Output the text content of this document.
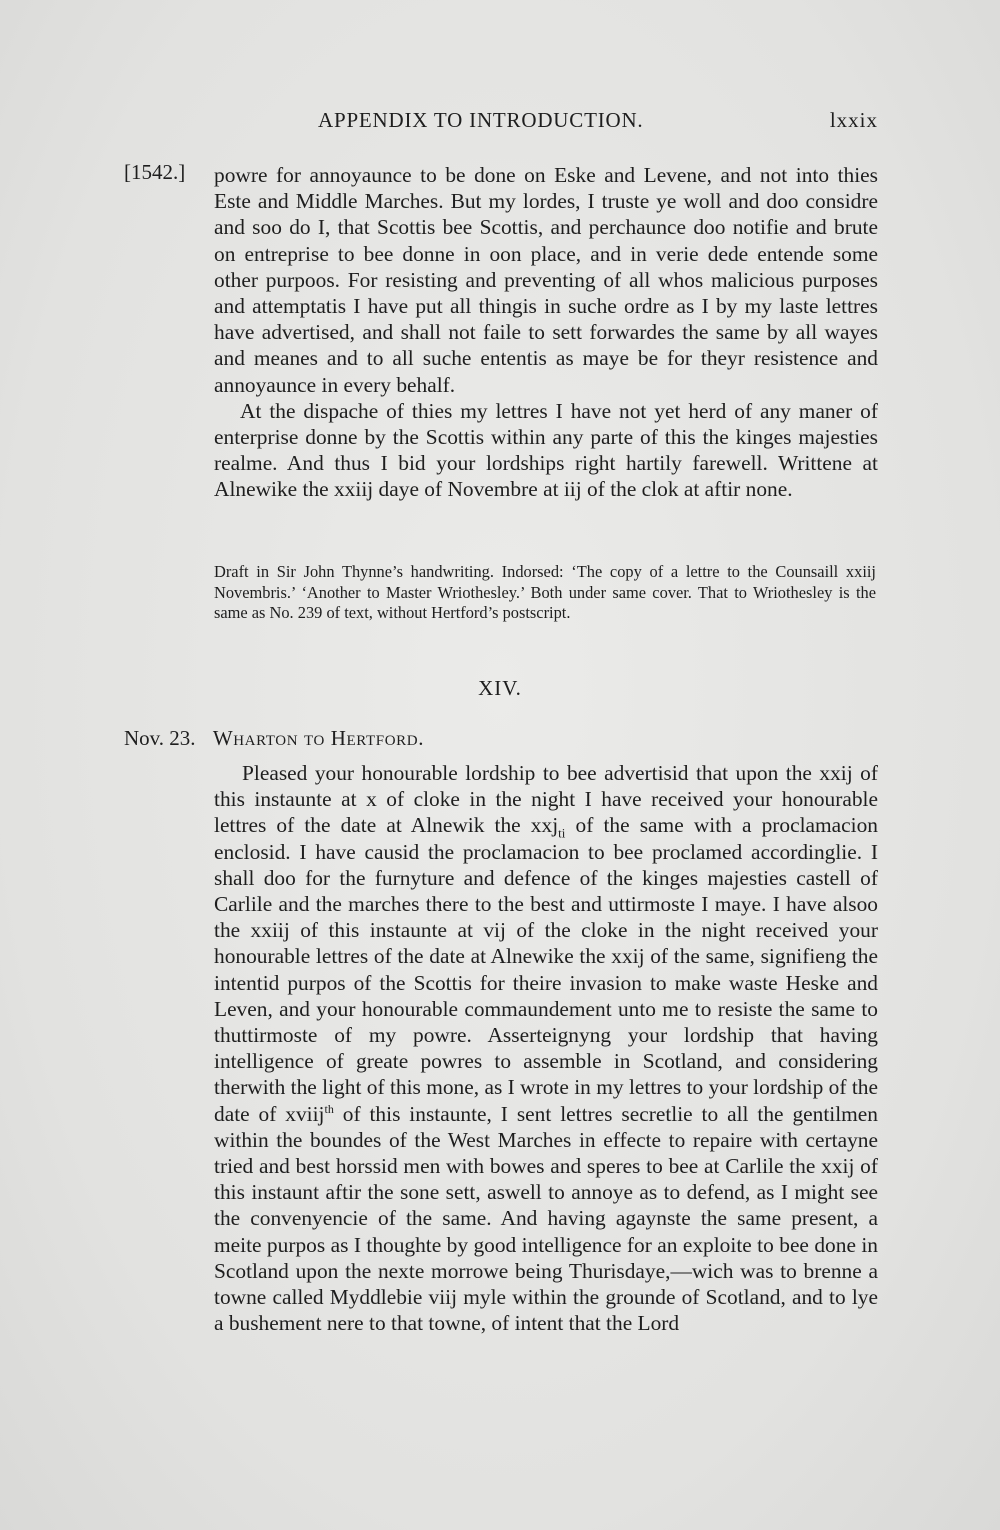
APPENDIX TO INTRODUCTION.	lxxix
[1542.] powre for annoyaunce to be done on Eske and Levene, and not into thies Este and Middle Marches. But my lordes, I truste ye woll and doo considre and soo do I, that Scottis bee Scottis, and perchaunce doo notifie and brute on entreprise to bee donne in oon place, and in verie dede entende some other purpoos. For resisting and preventing of all whos malicious purposes and attemptatis I have put all thingis in suche ordre as I by my laste lettres have advertised, and shall not faile to sett forwardes the same by all wayes and meanes and to all suche ententis as maye be for theyr resistence and annoyaunce in every behalf.

At the dispache of thies my lettres I have not yet herd of any maner of enterprise donne by the Scottis within any parte of this the kinges majesties realme. And thus I bid your lordships right hartily farewell. Writtene at Alnewike the xxiij daye of Novembre at iij of the clok at aftir none.

Draft in Sir John Thynne’s handwriting. Indorsed: ‘The copy of a lettre to the Counsaill xxiij Novembris.’ ‘Another to Master Wriothesley.’ Both under same cover. That to Wriothesley is the same as No. 239 of text, without Hertford’s postscript.

XIV.
Nov. 23. Wharton to Hertford.

Pleased your honourable lordship to bee advertisid that upon the xxij of this instaunte at x of cloke in the night I have received your honourable lettres of the date at Alnewik the xxj$_{ti}$ of the same with a proclamacion enclosid. I have causid the proclamacion to bee proclamed accordinglie. I shall doo for the furnyture and defence of the kinges majesties castell of Carlile and the marches there to the best and uttirmoste I maye. I have alsoo the xxiij of this instaunte at vij of the cloke in the night received your honourable lettres of the date at Alnewike the xxij of the same, signifieng the intentid purpos of the Scottis for theire invasion to make waste Heske and Leven, and your honourable commaundement unto me to resiste the same to thuttirmoste of my powre. Asserteignyng your lordship that having intelligence of greate powres to assemble in Scotland, and considering therwith the light of this mone, as I wrote in my lettres to your lordship of the date of xviij$^{th}$ of this instaunte, I sent lettres secretlie to all the gentilmen within the boundes of the West Marches in effecte to repaire with certayne tried and best horssid men with bowes and speres to bee at Carlile the xxij of this instaunt aftir the sone sett, aswell to annoye as to defend, as I might see the convenyencie of the same. And having agaynste the same present, a meite purpos as I thoughte by good intelligence for an exploite to bee done in Scotland upon the nexte morrowe being Thurisdaye,—wich was to brenne a towne called Myddlebie viij myle within the grounde of Scotland, and to lye a bushement nere to that towne, of intent that the Lord
